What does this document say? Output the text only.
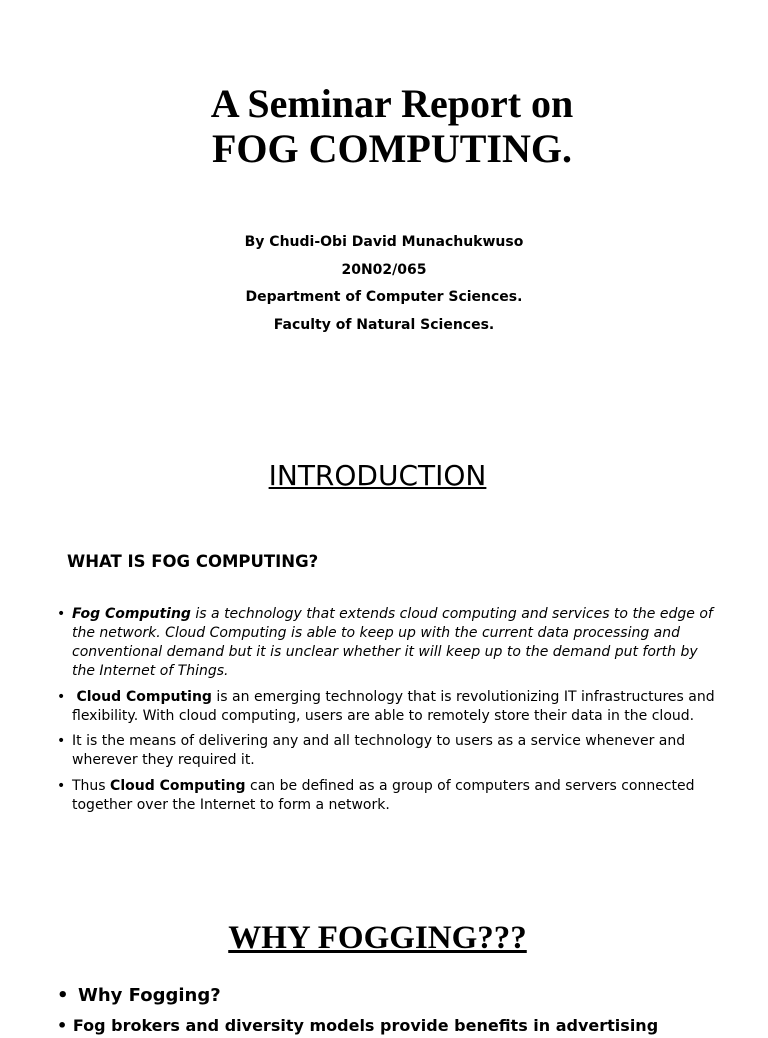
A Seminar Report on
FOG COMPUTING.
By Chudi-Obi David Munachukwuso
20N02/065
Department of Computer Sciences.
Faculty of Natural Sciences.
INTRODUCTION
WHAT IS FOG COMPUTING?
• Fog Computing is a technology that extends cloud computing and services to the edge of the network. Cloud Computing is able to keep up with the current data processing and conventional demand but it is unclear whether it will keep up to the demand put forth by the Internet of Things.
• Cloud Computing is an emerging technology that is revolutionizing IT infrastructures and flexibility. With cloud computing, users are able to remotely store their data in the cloud.
• It is the means of delivering any and all technology to users as a service whenever and wherever they required it.
• Thus Cloud Computing can be defined as a group of computers and servers connected together over the Internet to form a network.
WHY FOGGING???
• Why Fogging?
• Fog brokers and diversity models provide benefits in advertising
